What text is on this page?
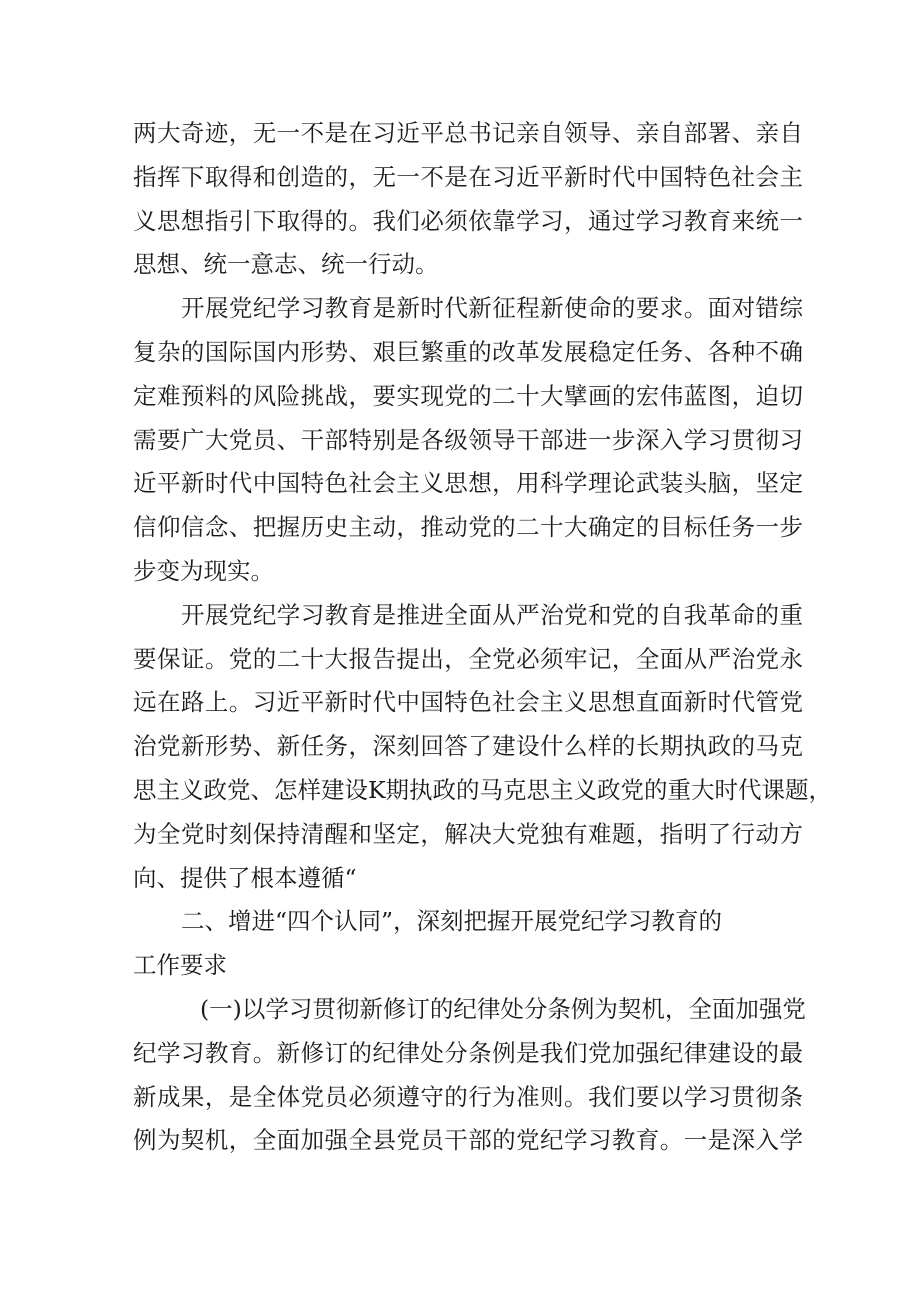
两大奇迹，无一不是在习近平总书记亲自领导、亲自部署、亲自
指挥下取得和创造的，无一不是在习近平新时代中国特色社会主
义思想指引下取得的。我们必须依靠学习，通过学习教育来统一
思想、统一意志、统一行动。
开展党纪学习教育是新时代新征程新使命的要求。面对错综
复杂的国际国内形势、艰巨繁重的改革发展稳定任务、各种不确
定难预料的风险挑战，要实现党的二十大擘画的宏伟蓝图，迫切
需要广大党员、干部特别是各级领导干部进一步深入学习贯彻习
近平新时代中国特色社会主义思想，用科学理论武装头脑，坚定
信仰信念、把握历史主动，推动党的二十大确定的目标任务一步
步变为现实。
开展党纪学习教育是推进全面从严治党和党的自我革命的重
要保证。党的二十大报告提出，全党必须牢记，全面从严治党永
远在路上。习近平新时代中国特色社会主义思想直面新时代管党
治党新形势、新任务，深刻回答了建设什么样的长期执政的马克
思主义政党、怎样建设K期执政的马克思主义政党的重大时代课题，
为全党时刻保持清醒和坚定，解决大党独有难题，指明了行动方
向、提供了根本遵循“
二、增进“四个认同”，深刻把握开展党纪学习教育的
工作要求
(一)以学习贯彻新修订的纪律处分条例为契机，全面加强党
纪学习教育。新修订的纪律处分条例是我们党加强纪律建设的最
新成果，是全体党员必须遵守的行为准则。我们要以学习贯彻条
例为契机，全面加强全县党员干部的党纪学习教育。一是深入学
